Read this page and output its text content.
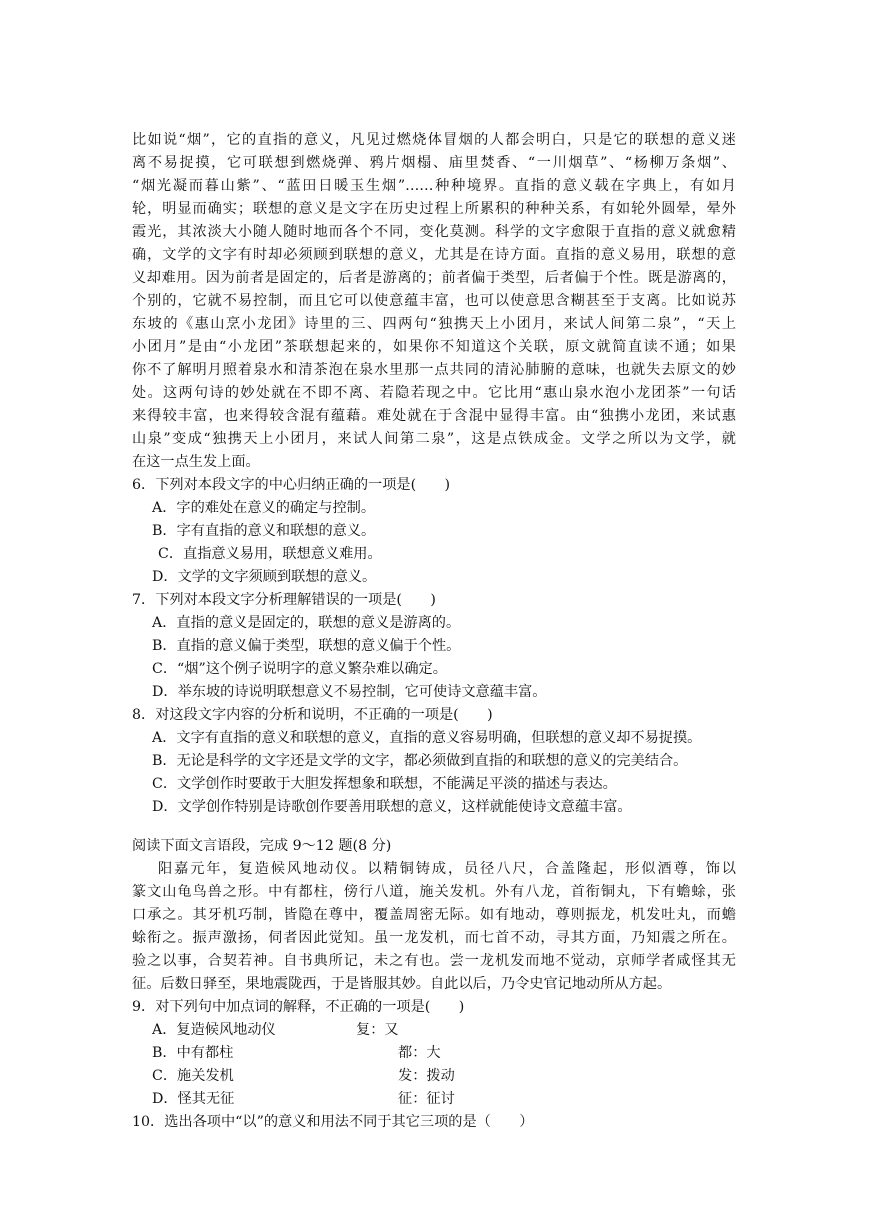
比如说“烟”，它的直指的意义，凡见过燃烧体冒烟的人都会明白，只是它的联想的意义迷
离不易捉摸，它可联想到燃烧弹、鸦片烟榻、庙里焚香、“一川烟草”、“杨柳万条烟”、
“烟光凝而暮山紫”、“蓝田日暖玉生烟”……种种境界。直指的意义载在字典上，有如月
轮，明显而确实；联想的意义是文字在历史过程上所累积的种种关系，有如轮外圆晕，晕外
霞光，其浓淡大小随人随时地而各个不同，变化莫测。科学的文字愈限于直指的意义就愈精
确，文学的文字有时却必须顾到联想的意义，尤其是在诗方面。直指的意义易用，联想的意
义却难用。因为前者是固定的，后者是游离的；前者偏于类型，后者偏于个性。既是游离的，
个别的，它就不易控制，而且它可以使意蕴丰富，也可以使意思含糊甚至于支离。比如说苏
东坡的《惠山烹小龙团》诗里的三、四两句“独携天上小团月，来试人间第二泉”，“天上
小团月”是由“小龙团”茶联想起来的，如果你不知道这个关联，原文就简直读不通；如果
你不了解明月照着泉水和清茶泡在泉水里那一点共同的清沁肺腑的意味，也就失去原文的妙
处。这两句诗的妙处就在不即不离、若隐若现之中。它比用“惠山泉水泡小龙团茶”一句话
来得较丰富，也来得较含混有蕴藉。难处就在于含混中显得丰富。由“独携小龙团，来试惠
山泉”变成“独携天上小团月，来试人间第二泉”，这是点铁成金。文学之所以为文学，就
在这一点生发上面。
6．下列对本段文字的中心归纳正确的一项是(　　)
A．字的难处在意义的确定与控制。
B．字有直指的意义和联想的意义。
C．直指意义易用，联想意义难用。
D．文学的文字须顾到联想的意义。
7．下列对本段文字分析理解错误的一项是(　　)
A．直指的意义是固定的，联想的意义是游离的。
B．直指的意义偏于类型，联想的意义偏于个性。
C．“烟”这个例子说明字的意义繁杂难以确定。
D．举东坡的诗说明联想意义不易控制，它可使诗文意蕴丰富。
8．对这段文字内容的分析和说明，不正确的一项是(　　)
A．文字有直指的意义和联想的意义，直指的意义容易明确，但联想的意义却不易捉摸。
B．无论是科学的文字还是文学的文字，都必须做到直指的和联想的意义的完美结合。
C．文学创作时要敢于大胆发挥想象和联想，不能满足平淡的描述与表达。
D．文学创作特别是诗歌创作要善用联想的意义，这样就能使诗文意蕴丰富。
阅读下面文言语段，完成 9～12 题(8 分)
阳嘉元年，复造候风地动仪。以精铜铸成，员径八尺，合盖隆起，形似酒尊，饰以
篆文山龟鸟兽之形。中有都柱，傍行八道，施关发机。外有八龙，首衔铜丸，下有蟾蜍，张
口承之。其牙机巧制，皆隐在尊中，覆盖周密无际。如有地动，尊则振龙，机发吐丸，而蟾
蜍衔之。振声激扬，伺者因此觉知。虽一龙发机，而七首不动，寻其方面，乃知震之所在。
验之以事，合契若神。自书典所记，未之有也。尝一龙机发而地不觉动，京师学者咸怪其无
征。后数日驿至，果地震陇西，于是皆服其妙。自此以后，乃令史官记地动所从方起。
9．对下列句中加点词的解释，不正确的一项是(　　)
A．复造候风地动仪	复：又
B．中有都柱	都：大
C．施关发机	发：拨动
D．怪其无征	征：征讨
10．选出各项中“以”的意义和用法不同于其它三项的是（　　）
